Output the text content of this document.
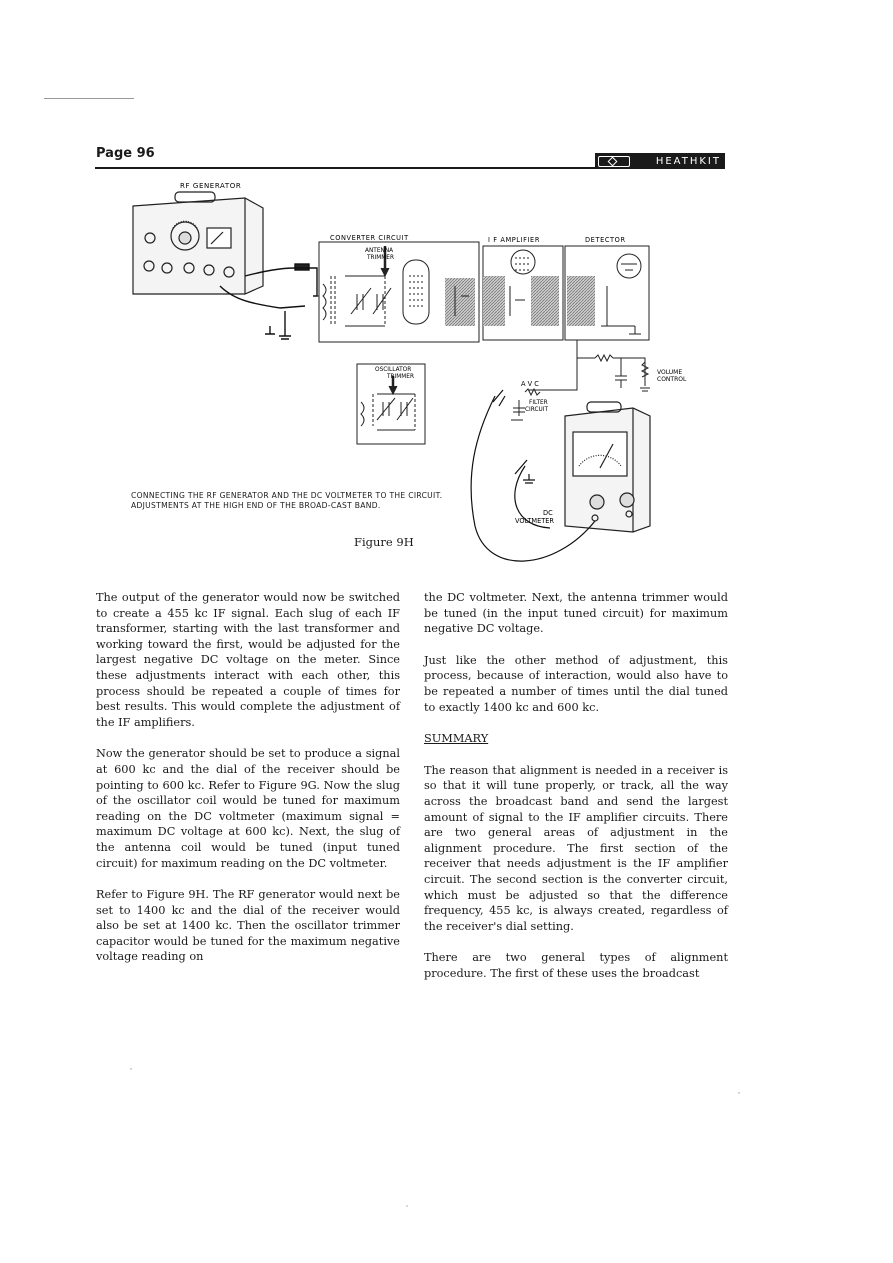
Page 96	HEATHKIT
RF GENERATOR
CONVERTER CIRCUIT
ANTENNA
TRIMMER
I F AMPLIFIER	DETECTOR
A V C
FILTER
CIRCUIT
VOLUME
CONTROL
OSCILLATOR
TRIMMER
DC
VOLTMETER
CONNECTING THE RF GENERATOR AND THE DC VOLTMETER TO THE CIRCUIT. ADJUSTMENTS AT THE HIGH END OF THE BROAD-CAST BAND.
Figure 9H

The output of the generator would now be switched to create a 455 kc IF signal. Each slug of each IF transformer, starting with the last transformer and working toward the first, would be adjusted for the largest negative DC voltage on the meter. Since these adjustments interact with each other, this process should be repeated a couple of times for best results. This would complete the adjustment of the IF amplifiers.

Now the generator should be set to produce a signal at 600 kc and the dial of the receiver should be pointing to 600 kc. Refer to Figure 9G. Now the slug of the oscillator coil would be tuned for maximum reading on the DC voltmeter (maximum signal = maximum DC voltage at 600 kc). Next, the slug of the antenna coil would be tuned (input tuned circuit) for maximum reading on the DC voltmeter.

Refer to Figure 9H. The RF generator would next be set to 1400 kc and the dial of the receiver would also be set at 1400 kc. Then the oscillator trimmer capacitor would be tuned for the maximum negative voltage reading on

the DC voltmeter. Next, the antenna trimmer would be tuned (in the input tuned circuit) for maximum negative DC voltage.

Just like the other method of adjustment, this process, because of interaction, would also have to be repeated a number of times until the dial tuned to exactly 1400 kc and 600 kc.

SUMMARY

The reason that alignment is needed in a receiver is so that it will tune properly, or track, all the way across the broadcast band and send the largest amount of signal to the IF amplifier circuits. There are two general areas of adjustment in the alignment procedure. The first section of the receiver that needs adjustment is the IF amplifier circuit. The second section is the converter circuit, which must be adjusted so that the difference frequency, 455 kc, is always created, regardless of the receiver's dial setting.

There are two general types of alignment procedure. The first of these uses the broadcast
